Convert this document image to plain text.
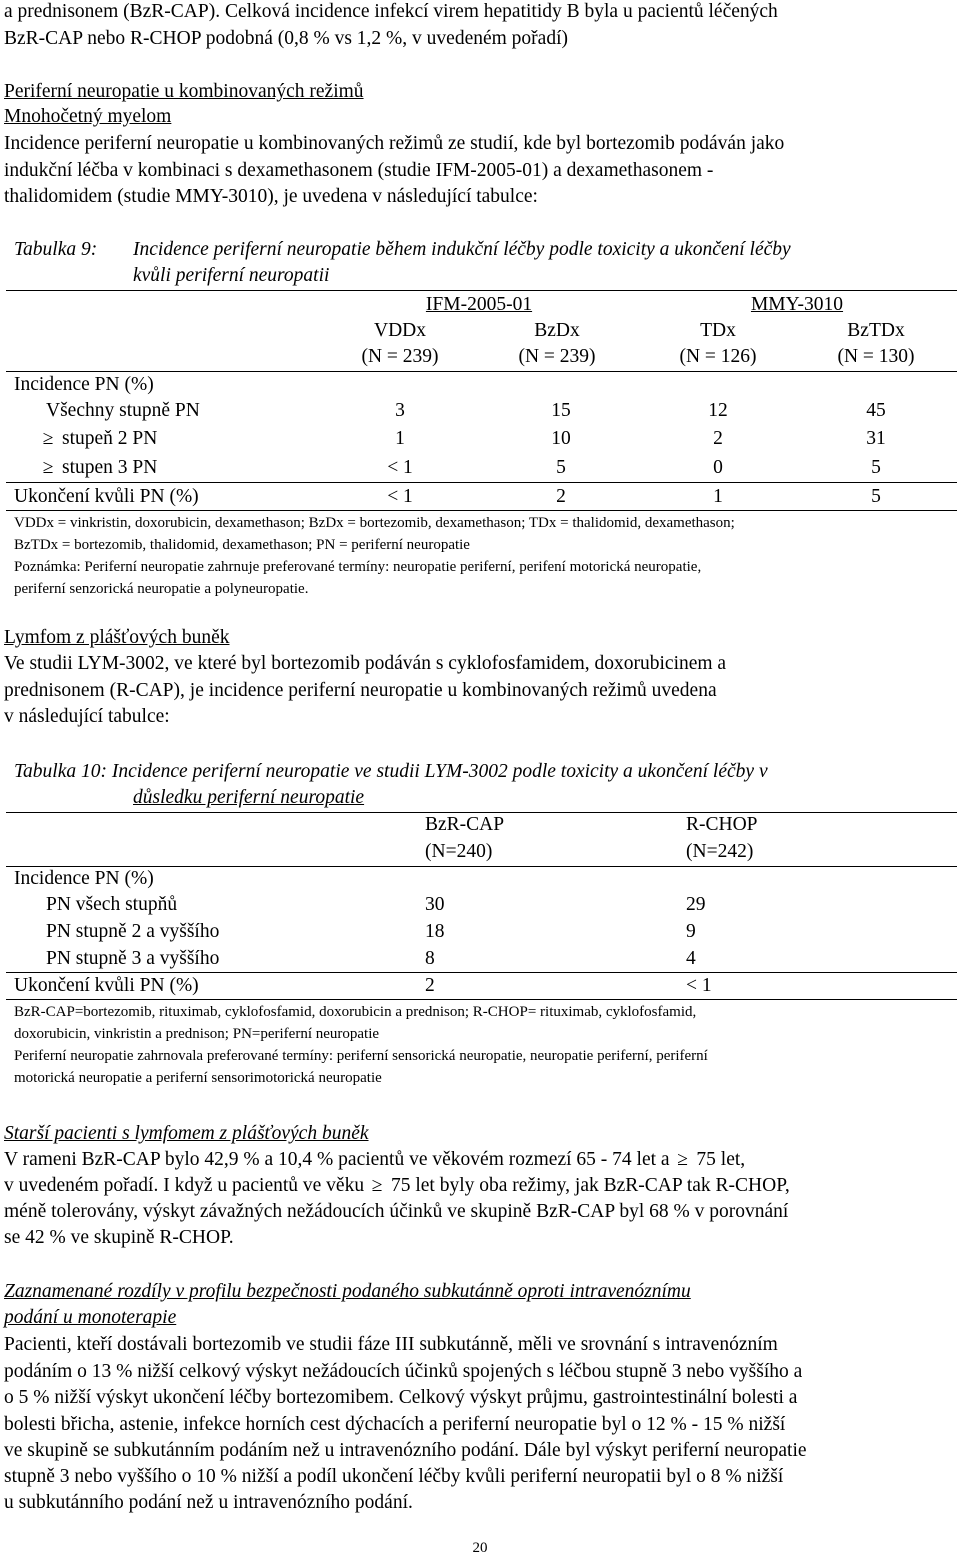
a prednisonem (BzR-CAP). Celková incidence infekcí virem hepatitidy B byla u pacientů léčených
BzR-CAP nebo R-CHOP podobná (0,8 % vs 1,2 %, v uvedeném pořadí)
Periferní neuropatie u kombinovaných režimů
Mnohočetný myelom
Incidence periferní neuropatie u kombinovaných režimů ze studií, kde byl bortezomib podáván jako
indukční léčba v kombinaci s dexamethasonem (studie IFM-2005-01) a dexamethasonem -
thalidomidem (studie MMY-3010), je uvedena v následující tabulce:
Tabulka 9: Incidence periferní neuropatie během indukční léčby podle toxicity a ukončení léčby
kvůli periferní neuropatii
IFM-2005-01	MMY-3010
VDDx	BzDx	TDx	BzTDx
(N = 239)	(N = 239)	(N = 126)	(N = 130)
Incidence PN (%)
Všechny stupně PN	3	15	12	45
≥ stupeň 2 PN	1	10	2	31
≥ stupen 3 PN	< 1	5	0	5
Ukončení kvůli PN (%)	< 1	2	1	5
VDDx = vinkristin, doxorubicin, dexamethason; BzDx = bortezomib, dexamethason; TDx = thalidomid, dexamethason;
BzTDx = bortezomib, thalidomid, dexamethason; PN = periferní neuropatie
Poznámka: Periferní neuropatie zahrnuje preferované termíny: neuropatie periferní, perifení motorická neuropatie,
periferní senzorická neuropatie a polyneuropatie.
Lymfom z plášťových buněk
Ve studii LYM-3002, ve které byl bortezomib podáván s cyklofosfamidem, doxorubicinem a
prednisonem (R-CAP), je incidence periferní neuropatie u kombinovaných režimů uvedena
v následující tabulce:
Tabulka 10: Incidence periferní neuropatie ve studii LYM-3002 podle toxicity a ukončení léčby v
důsledku periferní neuropatie
BzR-CAP	R-CHOP
(N=240)	(N=242)
Incidence PN (%)
PN všech stupňů	30	29
PN stupně 2 a vyššího	18	9
PN stupně 3 a vyššího	8	4
Ukončení kvůli PN (%)	2	< 1
BzR-CAP=bortezomib, rituximab, cyklofosfamid, doxorubicin a prednison; R-CHOP= rituximab, cyklofosfamid,
doxorubicin, vinkristin a prednison; PN=periferní neuropatie
Periferní neuropatie zahrnovala preferované termíny: periferní sensorická neuropatie, neuropatie periferní, periferní
motorická neuropatie a periferní sensorimotorická neuropatie
Starší pacienti s lymfomem z plášťových buněk
V rameni BzR-CAP bylo 42,9 % a 10,4 % pacientů ve věkovém rozmezí 65 - 74 let a ≥ 75 let,
v uvedeném pořadí. I když u pacientů ve věku ≥ 75 let byly oba režimy, jak BzR-CAP tak R-CHOP,
méně tolerovány, výskyt závažných nežádoucích účinků ve skupině BzR-CAP byl 68 % v porovnání
se 42 % ve skupině R-CHOP.
Zaznamenané rozdíly v profilu bezpečnosti podaného subkutánně oproti intravenóznímu
podání u monoterapie
Pacienti, kteří dostávali bortezomib ve studii fáze III subkutánně, měli ve srovnání s intravenózním
podáním o 13 % nižší celkový výskyt nežádoucích účinků spojených s léčbou stupně 3 nebo vyššího a
o 5 % nižší výskyt ukončení léčby bortezomibem. Celkový výskyt průjmu, gastrointestinální bolesti a
bolesti břicha, astenie, infekce horních cest dýchacích a periferní neuropatie byl o 12 % - 15 % nižší
ve skupině se subkutánním podáním než u intravenózního podání. Dále byl výskyt periferní neuropatie
stupně 3 nebo vyššího o 10 % nižší a podíl ukončení léčby kvůli periferní neuropatii byl o 8 % nižší
u subkutánního podání než u intravenózního podání.
20
